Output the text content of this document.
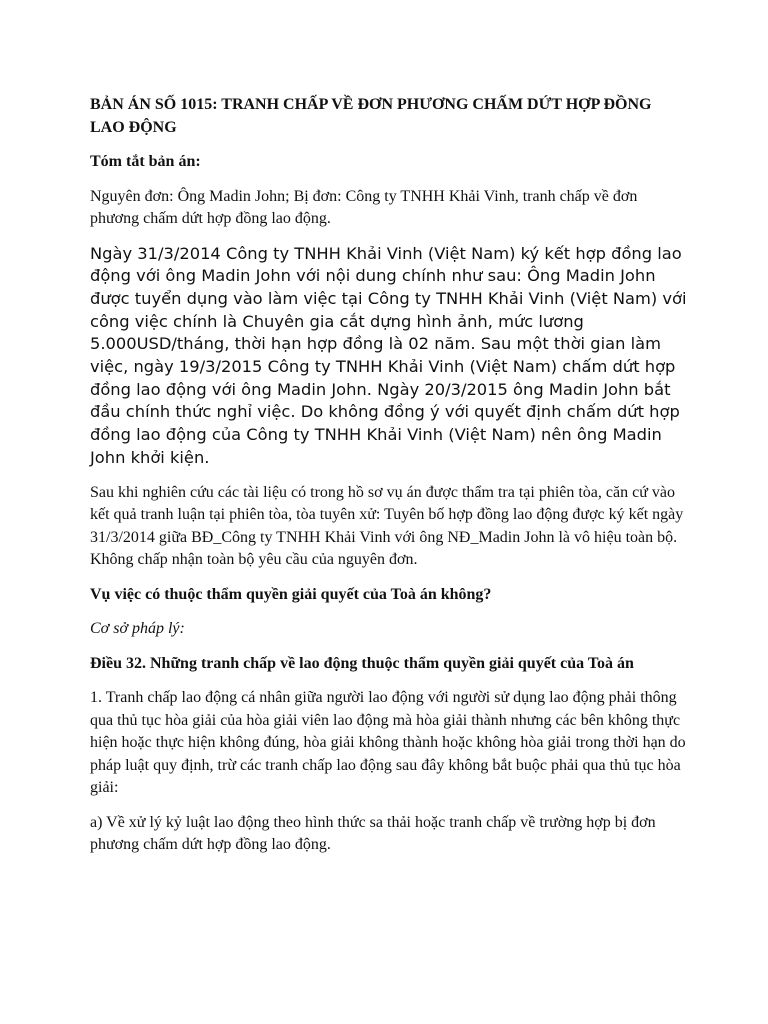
BẢN ÁN SỐ 1015: TRANH CHẤP VỀ ĐƠN PHƯƠNG CHẤM DỨT HỢP ĐỒNG LAO ĐỘNG

Tóm tắt bản án:

Nguyên đơn: Ông Madin John; Bị đơn: Công ty TNHH Khải Vinh, tranh chấp về đơn phương chấm dứt hợp đồng lao động.

Ngày 31/3/2014 Công ty TNHH Khải Vinh (Việt Nam) ký kết hợp đồng lao động với ông Madin John với nội dung chính như sau: Ông Madin John được tuyển dụng vào làm việc tại Công ty TNHH Khải Vinh (Việt Nam) với công việc chính là Chuyên gia cắt dựng hình ảnh, mức lương 5.000USD/tháng, thời hạn hợp đồng là 02 năm. Sau một thời gian làm việc, ngày 19/3/2015 Công ty TNHH Khải Vinh (Việt Nam) chấm dứt hợp đồng lao động với ông Madin John. Ngày 20/3/2015 ông Madin John bắt đầu chính thức nghỉ việc. Do không đồng ý với quyết định chấm dứt hợp đồng lao động của Công ty TNHH Khải Vinh (Việt Nam) nên ông Madin John khởi kiện.

Sau khi nghiên cứu các tài liệu có trong hồ sơ vụ án được thẩm tra tại phiên tòa, căn cứ vào kết quả tranh luận tại phiên tòa, tòa tuyên xử: Tuyên bố hợp đồng lao động được ký kết ngày 31/3/2014 giữa BĐ_Công ty TNHH Khải Vinh với ông NĐ_Madin John là vô hiệu toàn bộ. Không chấp nhận toàn bộ yêu cầu của nguyên đơn.

Vụ việc có thuộc thẩm quyền giải quyết của Toà án không?

Cơ sở pháp lý:

Điều 32. Những tranh chấp về lao động thuộc thẩm quyền giải quyết của Toà án

1. Tranh chấp lao động cá nhân giữa người lao động với người sử dụng lao động phải thông qua thủ tục hòa giải của hòa giải viên lao động mà hòa giải thành nhưng các bên không thực hiện hoặc thực hiện không đúng, hòa giải không thành hoặc không hòa giải trong thời hạn do pháp luật quy định, trừ các tranh chấp lao động sau đây không bắt buộc phải qua thủ tục hòa giải:

a) Về xử lý kỷ luật lao động theo hình thức sa thải hoặc tranh chấp về trường hợp bị đơn phương chấm dứt hợp đồng lao động.
